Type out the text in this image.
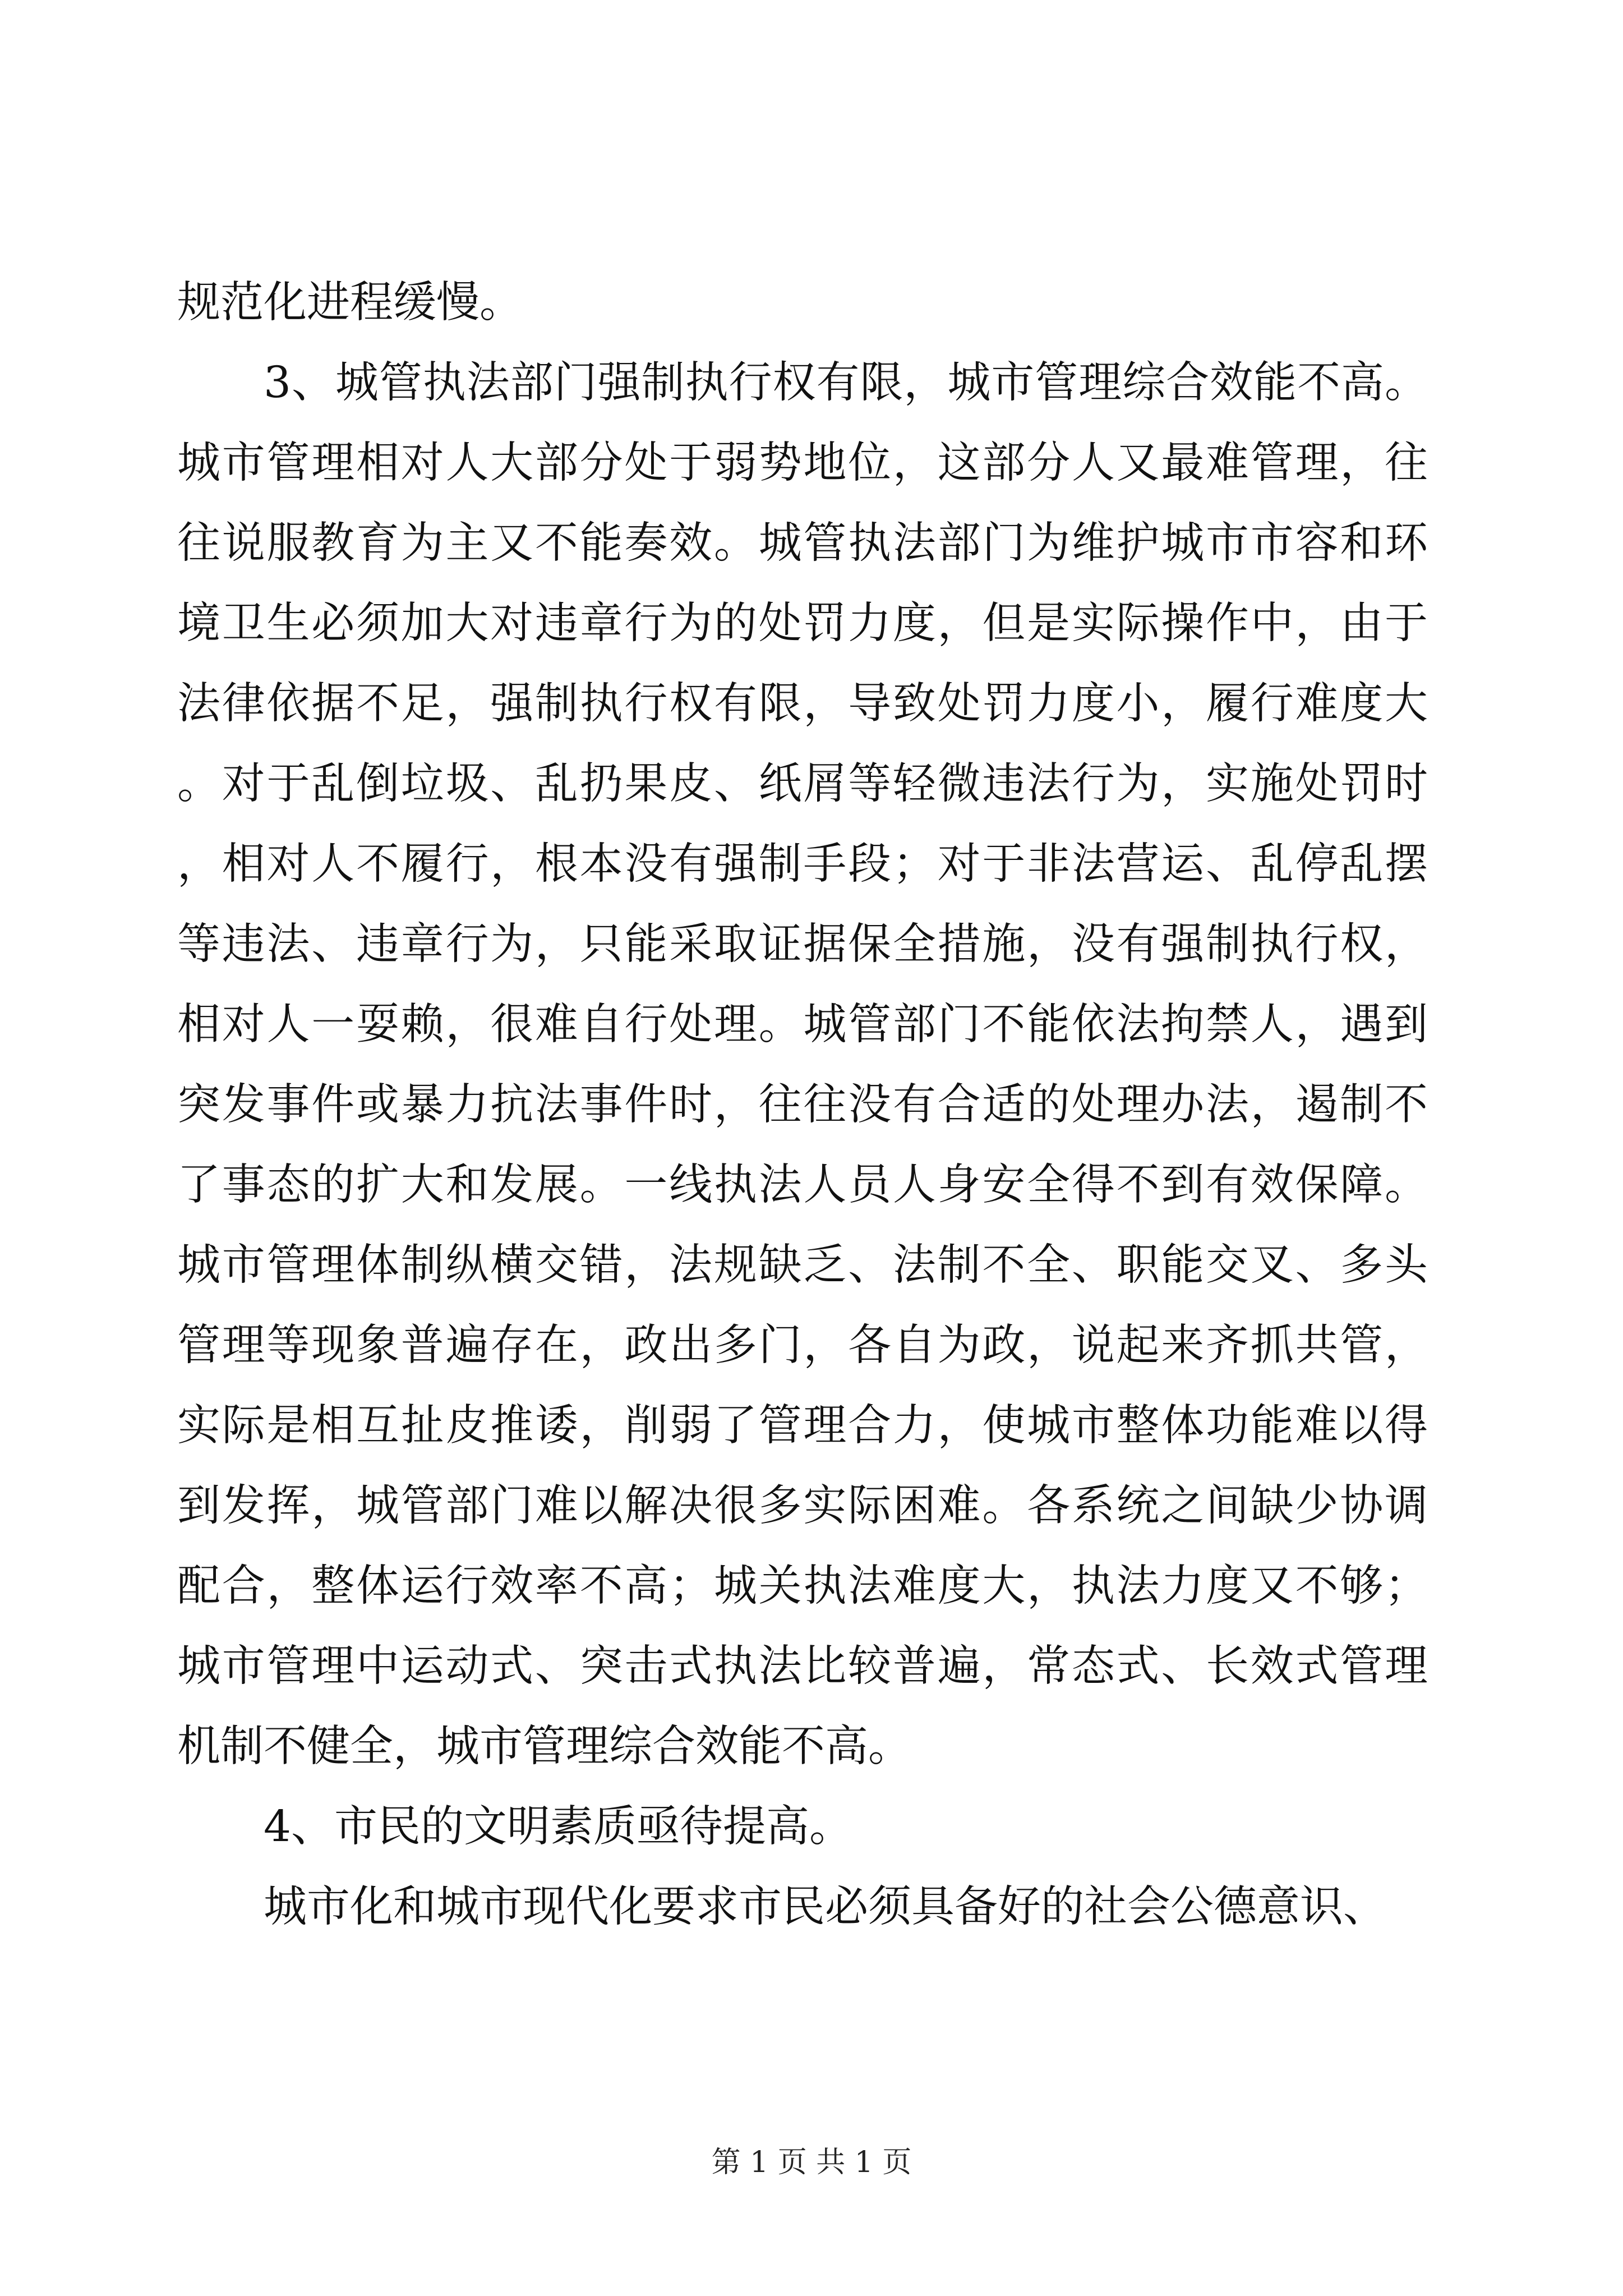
规范化进程缓慢。

3、城管执法部门强制执行权有限，城市管理综合效能不高。城市管理相对人大部分处于弱势地位，这部分人又最难管理，往往说服教育为主又不能奏效。城管执法部门为维护城市市容和环境卫生必须加大对违章行为的处罚力度，但是实际操作中，由于法律依据不足，强制执行权有限，导致处罚力度小，履行难度大。对于乱倒垃圾、乱扔果皮、纸屑等轻微违法行为，实施处罚时，相对人不履行，根本没有强制手段；对于非法营运、乱停乱摆等违法、违章行为，只能采取证据保全措施，没有强制执行权，相对人一耍赖，很难自行处理。城管部门不能依法拘禁人，遇到突发事件或暴力抗法事件时，往往没有合适的处理办法，遏制不了事态的扩大和发展。一线执法人员人身安全得不到有效保障。城市管理体制纵横交错，法规缺乏、法制不全、职能交叉、多头管理等现象普遍存在，政出多门，各自为政，说起来齐抓共管，实际是相互扯皮推诿，削弱了管理合力，使城市整体功能难以得到发挥，城管部门难以解决很多实际困难。各系统之间缺少协调配合，整体运行效率不高；城关执法难度大，执法力度又不够；城市管理中运动式、突击式执法比较普遍，常态式、长效式管理机制不健全，城市管理综合效能不高。

4、市民的文明素质亟待提高。

城市化和城市现代化要求市民必须具备好的社会公德意识、

第 1 页 共 1 页
